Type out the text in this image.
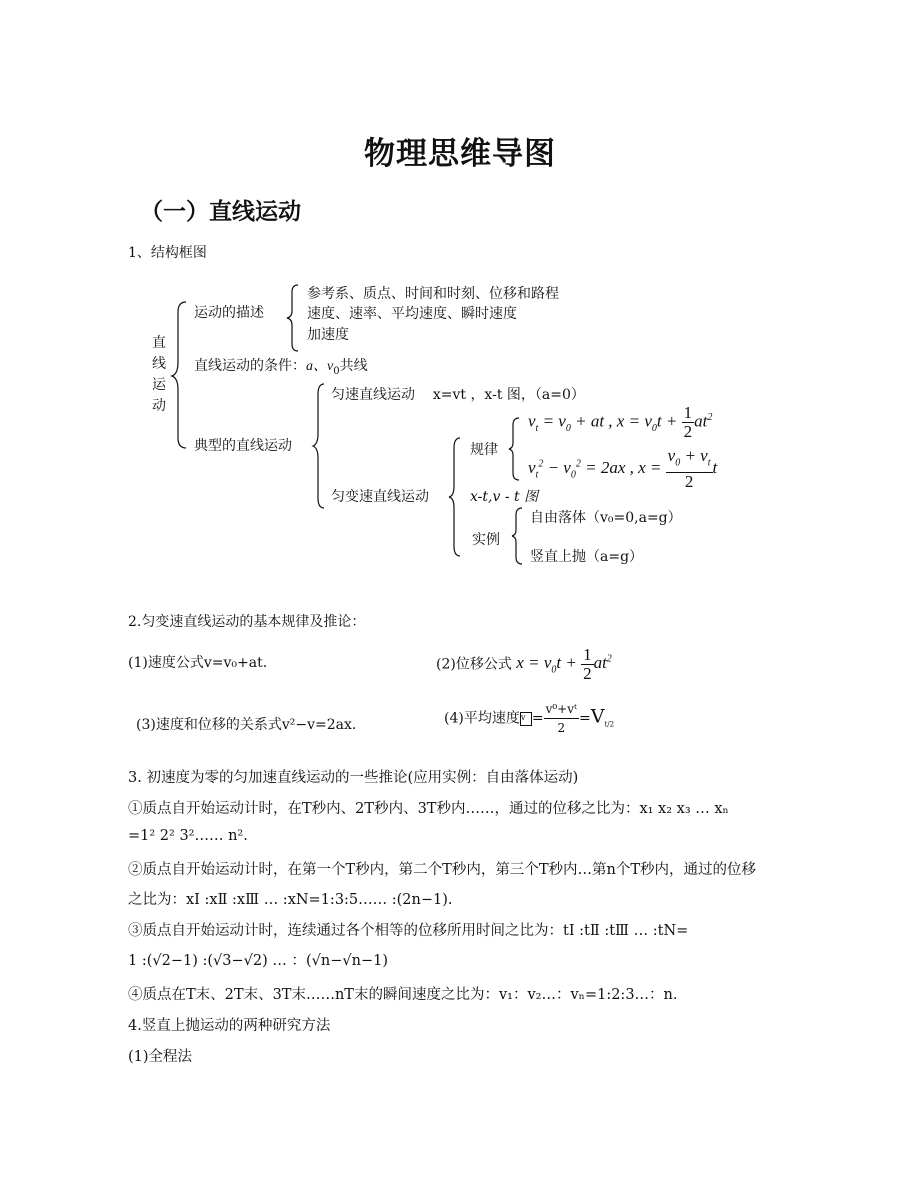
物理思维导图
（一）直线运动
1、结构框图
直
线
运
动
运动的描述
参考系、质点、时间和时刻、位移和路程
速度、速率、平均速度、瞬时速度
加速度
直线运动的条件：a、$v_0$共线
典型的直线运动
匀速直线运动 x=vt ，x-t 图，（a=0）
匀变速直线运动
规律
$v_t = v_0$ + at , $x = v_0t + \frac{1}{2} at^2$
$v_t^2 - v_0^2 = 2ax$ , $x = \frac{v_0 + v_t}{2}$ t
x-t,v - t 图
实例
自由落体（v₀=0,a=g）
竖直上抛（a=g）
2.匀变速直线运动的基本规律及推论：
(1)速度公式v=v₀+at.	(2)位移公式 $x = v_0t + \frac{1}{2} at^2$
(3)速度和位移的关系式v²−v=2ax.	(4)平均速度$v = \frac{\text{v⁰+vᵗ}}{2} =V_{t/2}$
3. 初速度为零的匀加速直线运动的一些推论(应用实例：自由落体运动)
①质点自开始运动计时，在T秒内、2T秒内、3T秒内……，通过的位移之比为：x₁ x₂ x₃ … xₙ
=1² 2² 3²…… n².
②质点自开始运动计时，在第一个T秒内，第二个T秒内，第三个T秒内…第n个T秒内，通过的位移
之比为：xⅠ :xⅡ :xⅢ … :xN=1:3:5…… :(2n−1).
③质点自开始运动计时，连续通过各个相等的位移所用时间之比为：tⅠ :tⅡ :tⅢ … :tN=
1 :(√2−1) :(√3−√2) … ：(√n−√n−1)
④质点在T末、2T末、3T末……nT末的瞬间速度之比为：v₁：v₂…：vₙ=1:2:3…：n.
4.竖直上抛运动的两种研究方法
(1)全程法
